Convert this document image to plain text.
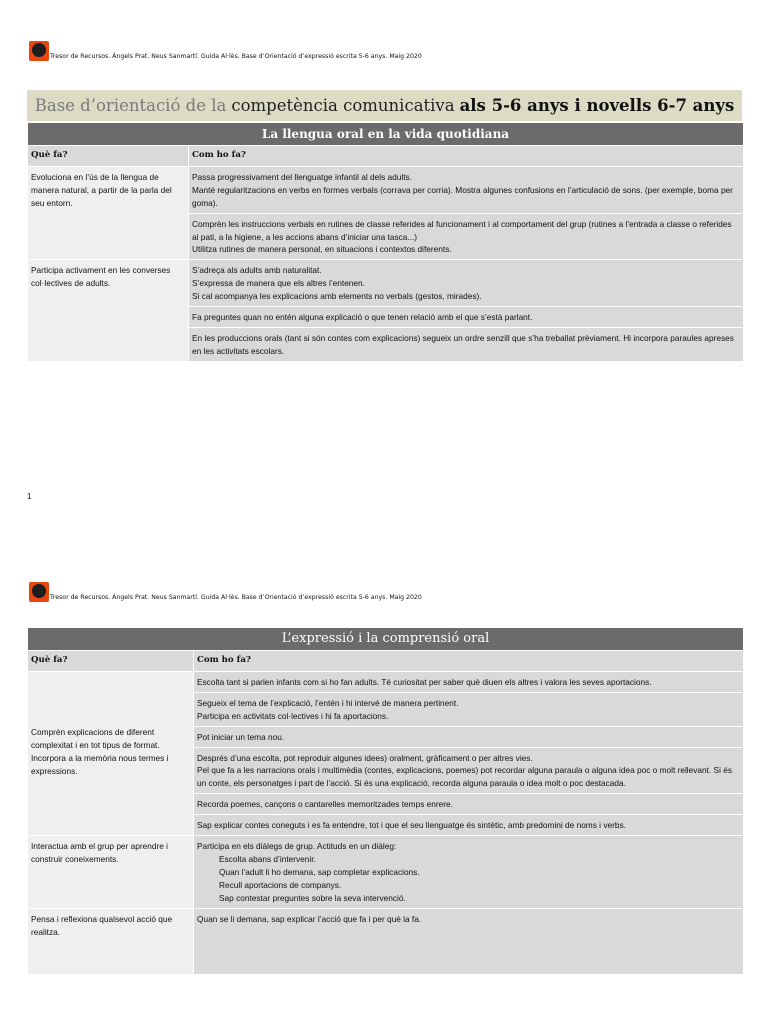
Tresor de Recursos. Àngels Prat. Neus Sanmartí. Guida Al·lès. Base d’Orientació d’expressió escrita 5-6 anys. Maig 2020
Base d’orientació de la competència comunicativa als 5-6 anys i novells 6-7 anys
La llengua oral en la vida quotidiana	
Què fa?	Com ho fa?
Evoluciona en l’ús de la llengua de manera natural, a partir de la parla del seu entorn.	Passa progressivament del llenguatge infantil al dels adults.
Manté regularitzacions en verbs en formes verbals (corrava per corria). Mostra algunes confusions en l’articulació de sons. (per exemple, boma per goma).

	Comprèn les instruccions verbals en rutines de classe referides al funcionament i al comportament del grup (rutines a l’entrada a classe o referides al pati, a la higiene, a les accions abans d’iniciar una tasca...)
Utilitza rutines de manera personal, en situacions i contextos diferents.

Participa activament en les converses col·lectives de adults.	S’adreça als adults amb naturalitat.
S’expressa de manera que els altres l’entenen.
Si cal acompanya les explicacions amb elements no verbals (gestos, mirades).

	Fa preguntes quan no entén alguna explicació o que tenen relació amb el que s’està parlant.

	En les produccions orals (tant si són contes com explicacions) segueix un ordre senzill que s’ha treballat prèviament. Hi incorpora paraules apreses en les activitats escolars.
1
Tresor de Recursos. Àngels Prat. Neus Sanmartí. Guida Al·lès. Base d’Orientació d’expressió escrita 5-6 anys. Maig 2020
L’expressió i la comprensió oral	
Què fa?	Com ho fa?
Comprèn explicacions de diferent complexitat i en tot tipus de format. Incorpora a la memòria nous termes i expressions.	Escolta tant si parlen infants com si ho fan adults. Té curiositat per saber què diuen els altres i valora les seves aportacions.

	Segueix el tema de l’explicació, l’entén i hi intervé de manera pertinent.
Participa en activitats col·lectives i hi fa aportacions.

	Pot iniciar un tema nou.

	Després d’una escolta, pot reproduir algunes idees) oralment, gràficament o per altres vies.
Pel que fa a les narracions orals i multimèdia (contes, explicacions, poemes) pot recordar alguna paraula o alguna idea poc o molt rellevant. Si és un conte, els personatges i part de l’acció. Si és una explicació, recorda alguna paraula o idea molt o poc destacada.

	Recorda poemes, cançons o cantarelles memoritzades temps enrere.

	Sap explicar contes coneguts i es fa entendre, tot i que el seu llenguatge és sintètic, amb predomini de noms i verbs.

Interactua amb el grup per aprendre i construir coneixements.	Participa en els diàlegs de grup. Actituds en un diàleg:
Escolta abans d’intervenir.
Quan l’adult li ho demana, sap completar explicacions.
Recull aportacions de companys.
Sap contestar preguntes sobre la seva intervenció.

Pensa i reflexiona qualsevol acció que realitza.	Quan se li demana, sap explicar l’acció que fa i per què la fa.
